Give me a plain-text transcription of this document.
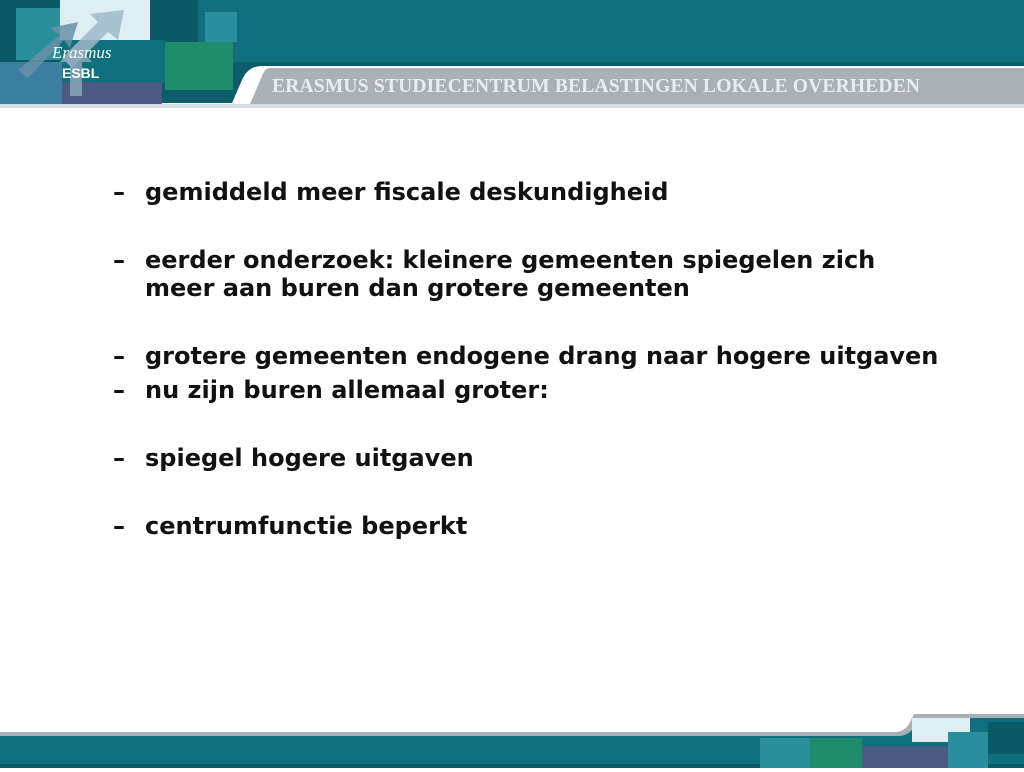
Erasmus
ESBL
ERASMUS STUDIECENTRUM BELASTINGEN LOKALE OVERHEDEN
– gemiddeld meer fiscale deskundigheid
– eerder onderzoek: kleinere gemeenten spiegelen zich meer aan buren dan grotere gemeenten
– grotere gemeenten endogene drang naar hogere uitgaven
– nu zijn buren allemaal groter:
– spiegel hogere uitgaven
– centrumfunctie beperkt
